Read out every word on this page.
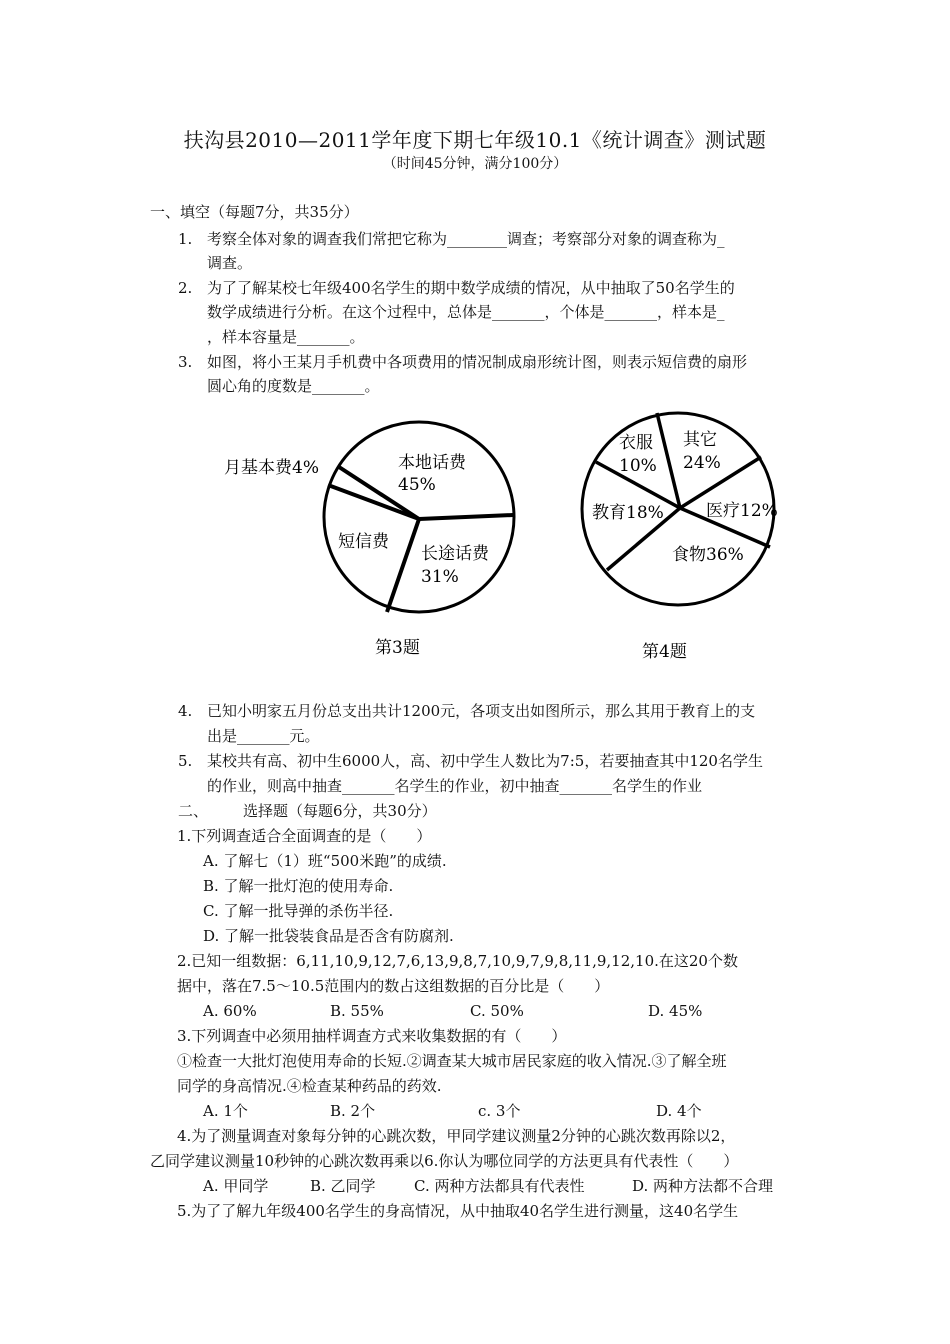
扶沟县2010—2011学年度下期七年级10.1《统计调查》测试题
（时间45分钟，满分100分）
一、填空（每题7分，共35分）
1. 考察全体对象的调查我们常把它称为________调查；考察部分对象的调查称为_
调查。
2. 为了了解某校七年级400名学生的期中数学成绩的情况，从中抽取了50名学生的
数学成绩进行分析。在这个过程中，总体是_______，个体是_______，样本是_
，样本容量是_______。
3. 如图，将小王某月手机费中各项费用的情况制成扇形统计图，则表示短信费的扇形
圆心角的度数是_______。
本地话费
45%
长途话费
31%
短信费
月基本费4%
第3题
衣服
10%
其它
24%
教育18% 医疗12%
食物36%
第4题
4. 已知小明家五月份总支出共计1200元，各项支出如图所示，那么其用于教育上的支
出是_______元。
5. 某校共有高、初中生6000人，高、初中学生人数比为7:5，若要抽查其中120名学生
的作业，则高中抽查_______名学生的作业，初中抽查_______名学生的作业
二、 选择题（每题6分，共30分）
1.下列调查适合全面调查的是（　　）
A. 了解七（1）班“500米跑”的成绩.
B. 了解一批灯泡的使用寿命.
C. 了解一批导弹的杀伤半径.
D. 了解一批袋装食品是否含有防腐剂.
2.已知一组数据：6,11,10,9,12,7,6,13,9,8,7,10,9,7,9,8,11,9,12,10.在这20个数
据中，落在7.5～10.5范围内的数占这组数据的百分比是（　　）
A. 60%	B. 55%	C. 50%	D. 45%
3.下列调查中必须用抽样调查方式来收集数据的有（　　）
①检查一大批灯泡使用寿命的长短.②调查某大城市居民家庭的收入情况.③了解全班
同学的身高情况.④检查某种药品的药效.
A. 1个	B. 2个	c. 3个	D. 4个
4.为了测量调查对象每分钟的心跳次数，甲同学建议测量2分钟的心跳次数再除以2，
乙同学建议测量10秒钟的心跳次数再乘以6.你认为哪位同学的方法更具有代表性（　　）
A. 甲同学	B. 乙同学	C. 两种方法都具有代表性	D. 两种方法都不合理
5.为了了解九年级400名学生的身高情况，从中抽取40名学生进行测量，这40名学生
